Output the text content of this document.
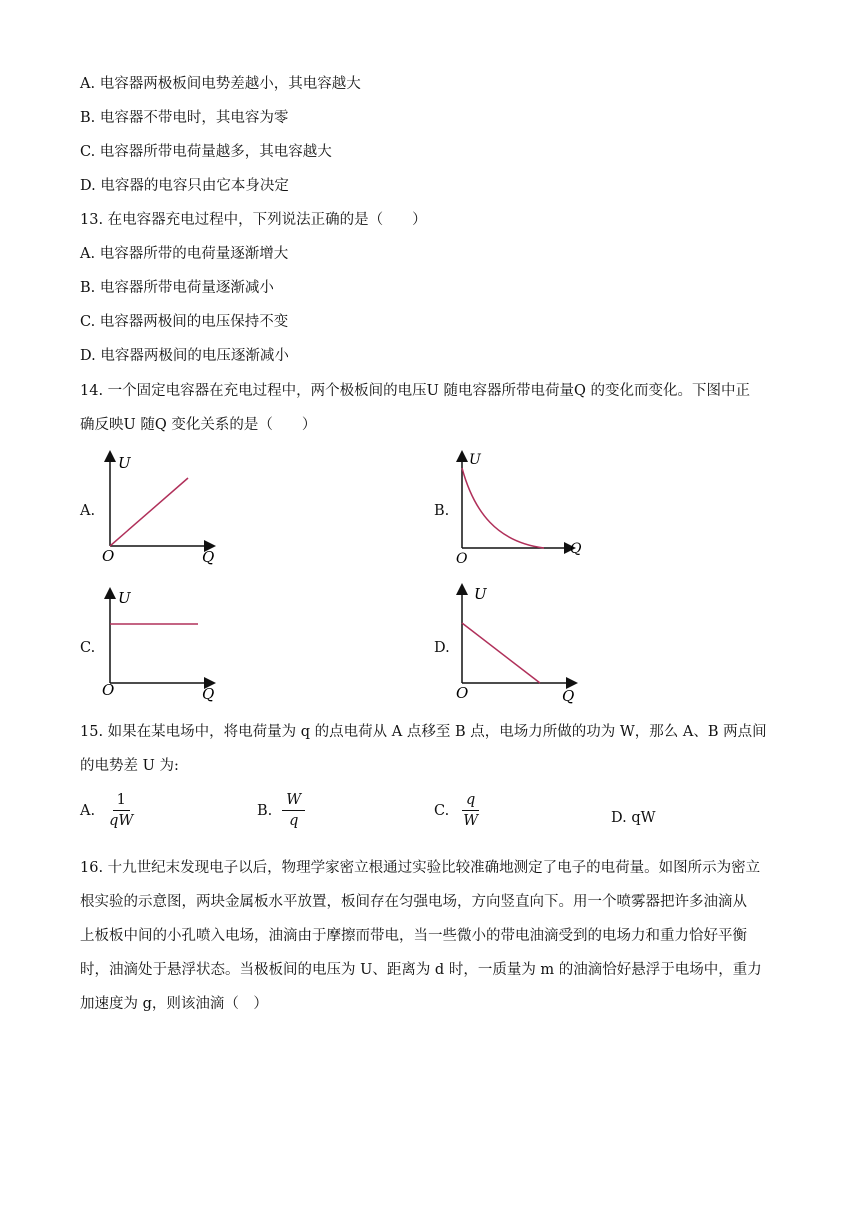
A. 电容器两极板间电势差越小，其电容越大
B. 电容器不带电时，其电容为零
C. 电容器所带电荷量越多，其电容越大
D. 电容器的电容只由它本身决定
13. 在电容器充电过程中，下列说法正确的是（　　）
A. 电容器所带的电荷量逐渐增大
B. 电容器所带电荷量逐渐减小
C. 电容器两极间的电压保持不变
D. 电容器两极间的电压逐渐减小
14. 一个固定电容器在充电过程中，两个极板间的电压U 随电容器所带电荷量Q 的变化而变化。下图中正
确反映U 随Q 变化关系的是（　　）
A.
U
Q
O
B.
U
Q
O
C.
U
Q
O
D.
U
Q
O
15. 如果在某电场中，将电荷量为 q 的点电荷从 A 点移至 B 点，电场力所做的功为 W，那么 A、B 两点间
的电势差 U 为:
A. $\frac{1}{qW}$	B. $\frac{W}{q}$	C. $\frac{q}{W}$	D. qW
16. 十九世纪末发现电子以后，物理学家密立根通过实验比较准确地测定了电子的电荷量。如图所示为密立
根实验的示意图，两块金属板水平放置，板间存在匀强电场，方向竖直向下。用一个喷雾器把许多油滴从
上板板中间的小孔喷入电场，油滴由于摩擦而带电，当一些微小的带电油滴受到的电场力和重力恰好平衡
时，油滴处于悬浮状态。当极板间的电压为 U、距离为 d 时，一质量为 m 的油滴恰好悬浮于电场中，重力
加速度为 g，则该油滴（　）
